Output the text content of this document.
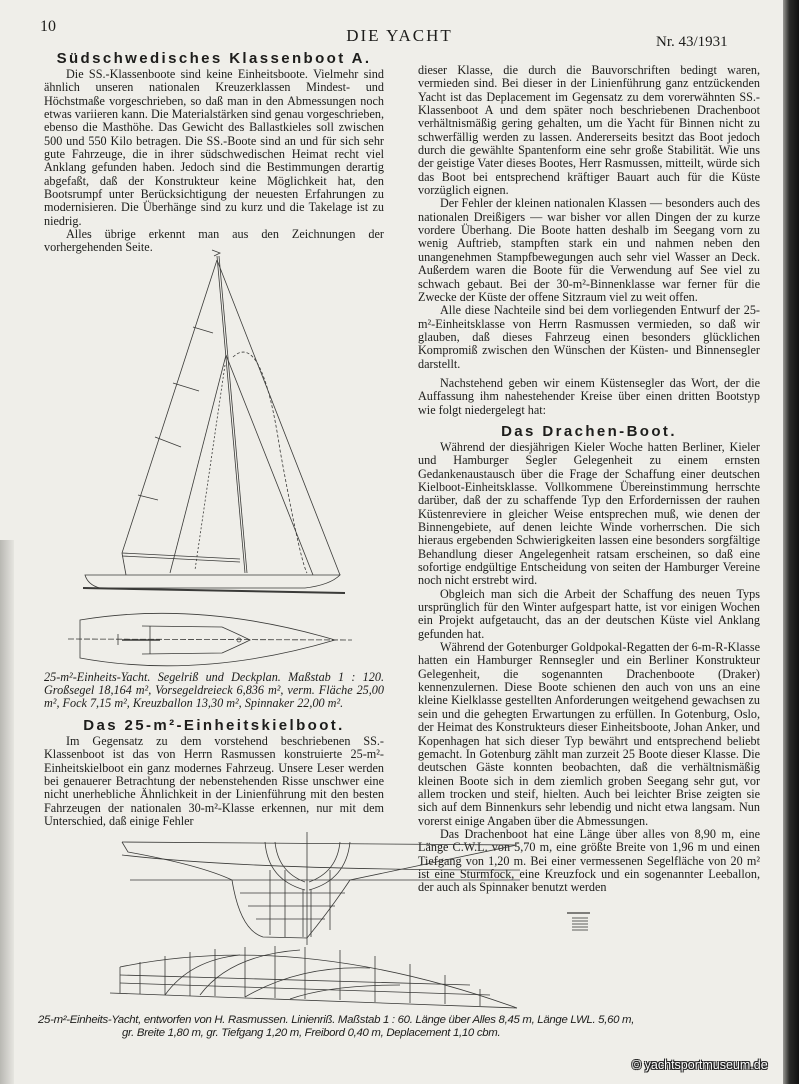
10	DIE YACHT	Nr. 43/1931
Südschwedisches Klassenboot A.

Die SS.-Klassenboote sind keine Einheitsboote. Vielmehr sind ähnlich unseren nationalen Kreuzerklassen Mindest- und Höchstmaße vorgeschrieben, so daß man in den Abmessungen noch etwas variieren kann. Die Materialstärken sind genau vorgeschrieben, ebenso die Masthöhe. Das Gewicht des Ballastkieles soll zwischen 500 und 550 Kilo betragen. Die SS.-Boote sind an und für sich sehr gute Fahrzeuge, die in ihrer südschwedischen Heimat recht viel Anklang gefunden haben. Jedoch sind die Bestimmungen derartig abgefaßt, daß der Konstrukteur keine Möglichkeit hat, den Bootsrumpf unter Berücksichtigung der neuesten Erfahrungen zu modernisieren. Die Überhänge sind zu kurz und die Takelage ist zu niedrig.

Alles übrige erkennt man aus den Zeichnungen der vorhergehenden Seite.

25-m²-Einheits-Yacht. Segelriß und Deckplan. Maßstab 1 : 120. Großsegel 18,164 m², Vorsegeldreieck 6,836 m², verm. Fläche 25,00 m², Fock 7,15 m², Kreuzballon 13,30 m², Spinnaker 22,00 m².
Das 25-m²-Einheitskielboot.

Im Gegensatz zu dem vorstehend beschriebenen SS.-Klassenboot ist das von Herrn Rasmussen konstruierte 25-m²-Einheitskielboot ein ganz modernes Fahrzeug. Unsere Leser werden bei genauerer Betrachtung der nebenstehenden Risse unschwer eine nicht unerhebliche Ähnlichkeit in der Linienführung mit den besten Fahrzeugen der nationalen 30-m²-Klasse erkennen, nur mit dem Unterschied, daß einige Fehler

dieser Klasse, die durch die Bauvorschriften bedingt waren, vermieden sind. Bei dieser in der Linienführung ganz entzückenden Yacht ist das Deplacement im Gegensatz zu dem vorerwähnten SS.-Klassenboot A und dem später noch beschriebenen Drachenboot verhältnismäßig gering gehalten, um die Yacht für Binnen nicht zu schwerfällig werden zu lassen. Andererseits besitzt das Boot jedoch durch die gewählte Spantenform eine sehr große Stabilität. Wie uns der geistige Vater dieses Bootes, Herr Rasmussen, mitteilt, würde sich das Boot bei entsprechend kräftiger Bauart auch für die Küste vorzüglich eignen.

Der Fehler der kleinen nationalen Klassen — besonders auch des nationalen Dreißigers — war bisher vor allen Dingen der zu kurze vordere Überhang. Die Boote hatten deshalb im Seegang vorn zu wenig Auftrieb, stampften stark ein und nahmen neben den unangenehmen Stampfbewegungen auch sehr viel Wasser an Deck. Außerdem waren die Boote für die Verwendung auf See viel zu schwach gebaut. Bei der 30-m²-Binnenklasse war ferner für die Zwecke der Küste der offene Sitzraum viel zu weit offen.

Alle diese Nachteile sind bei dem vorliegenden Entwurf der 25-m²-Einheitsklasse von Herrn Rasmussen vermieden, so daß wir glauben, daß dieses Fahrzeug einen besonders glücklichen Kompromiß zwischen den Wünschen der Küsten- und Binnensegler darstellt.

Nachstehend geben wir einem Küstensegler das Wort, der die Auffassung ihm nahestehender Kreise über einen dritten Bootstyp wie folgt niedergelegt hat:

Das Drachen-Boot.

Während der diesjährigen Kieler Woche hatten Berliner, Kieler und Hamburger Segler Gelegenheit zu einem ernsten Gedankenaustausch über die Frage der Schaffung einer deutschen Kielboot-Einheitsklasse. Vollkommene Übereinstimmung herrschte darüber, daß der zu schaffende Typ den Erfordernissen der rauhen Küstenreviere in gleicher Weise entsprechen muß, wie denen der Binnengebiete, auf denen leichte Winde vorherrschen. Die sich hieraus ergebenden Schwierigkeiten lassen eine besonders sorgfältige Behandlung dieser Angelegenheit ratsam erscheinen, so daß eine sofortige endgültige Entscheidung von seiten der Hamburger Vereine noch nicht erstrebt wird.

Obgleich man sich die Arbeit der Schaffung des neuen Typs ursprünglich für den Winter aufgespart hatte, ist vor einigen Wochen ein Projekt aufgetaucht, das an der deutschen Küste viel Anklang gefunden hat.

Während der Gotenburger Goldpokal-Regatten der 6-m-R-Klasse hatten ein Hamburger Rennsegler und ein Berliner Konstrukteur Gelegenheit, die sogenannten Drachenboote (Draker) kennenzulernen. Diese Boote schienen den auch von uns an eine kleine Kielklasse gestellten Anforderungen weitgehend gewachsen zu sein und die gehegten Erwartungen zu erfüllen. In Gotenburg, Oslo, der Heimat des Konstrukteurs dieser Einheitsboote, Johan Anker, und Kopenhagen hat sich dieser Typ bewährt und entsprechend beliebt gemacht. In Gotenburg zählt man zurzeit 25 Boote dieser Klasse. Die deutschen Gäste konnten beobachten, daß die verhältnismäßig kleinen Boote sich in dem ziemlich groben Seegang sehr gut, vor allem trocken und steif, hielten. Auch bei leichter Brise zeigten sie sich auf dem Binnenkurs sehr lebendig und nicht etwa langsam. Nun vorerst einige Angaben über die Abmessungen.

Das Drachenboot hat eine Länge über alles von 8,90 m, eine Länge C.W.L. von 5,70 m, eine größte Breite von 1,96 m und einen Tiefgang von 1,20 m. Bei einer vermessenen Segelfläche von 20 m² ist eine Sturmfock, eine Kreuzfock und ein sogenannter Leeballon, der auch als Spinnaker benutzt werden

25-m²-Einheits-Yacht, entworfen von H. Rasmussen. Linienriß. Maßstab 1 : 60. Länge über Alles 8,45 m, Länge LWL. 5,60 m,
gr. Breite 1,80 m, gr. Tiefgang 1,20 m, Freibord 0,40 m, Deplacement 1,10 cbm.
© yachtsportmuseum.de
